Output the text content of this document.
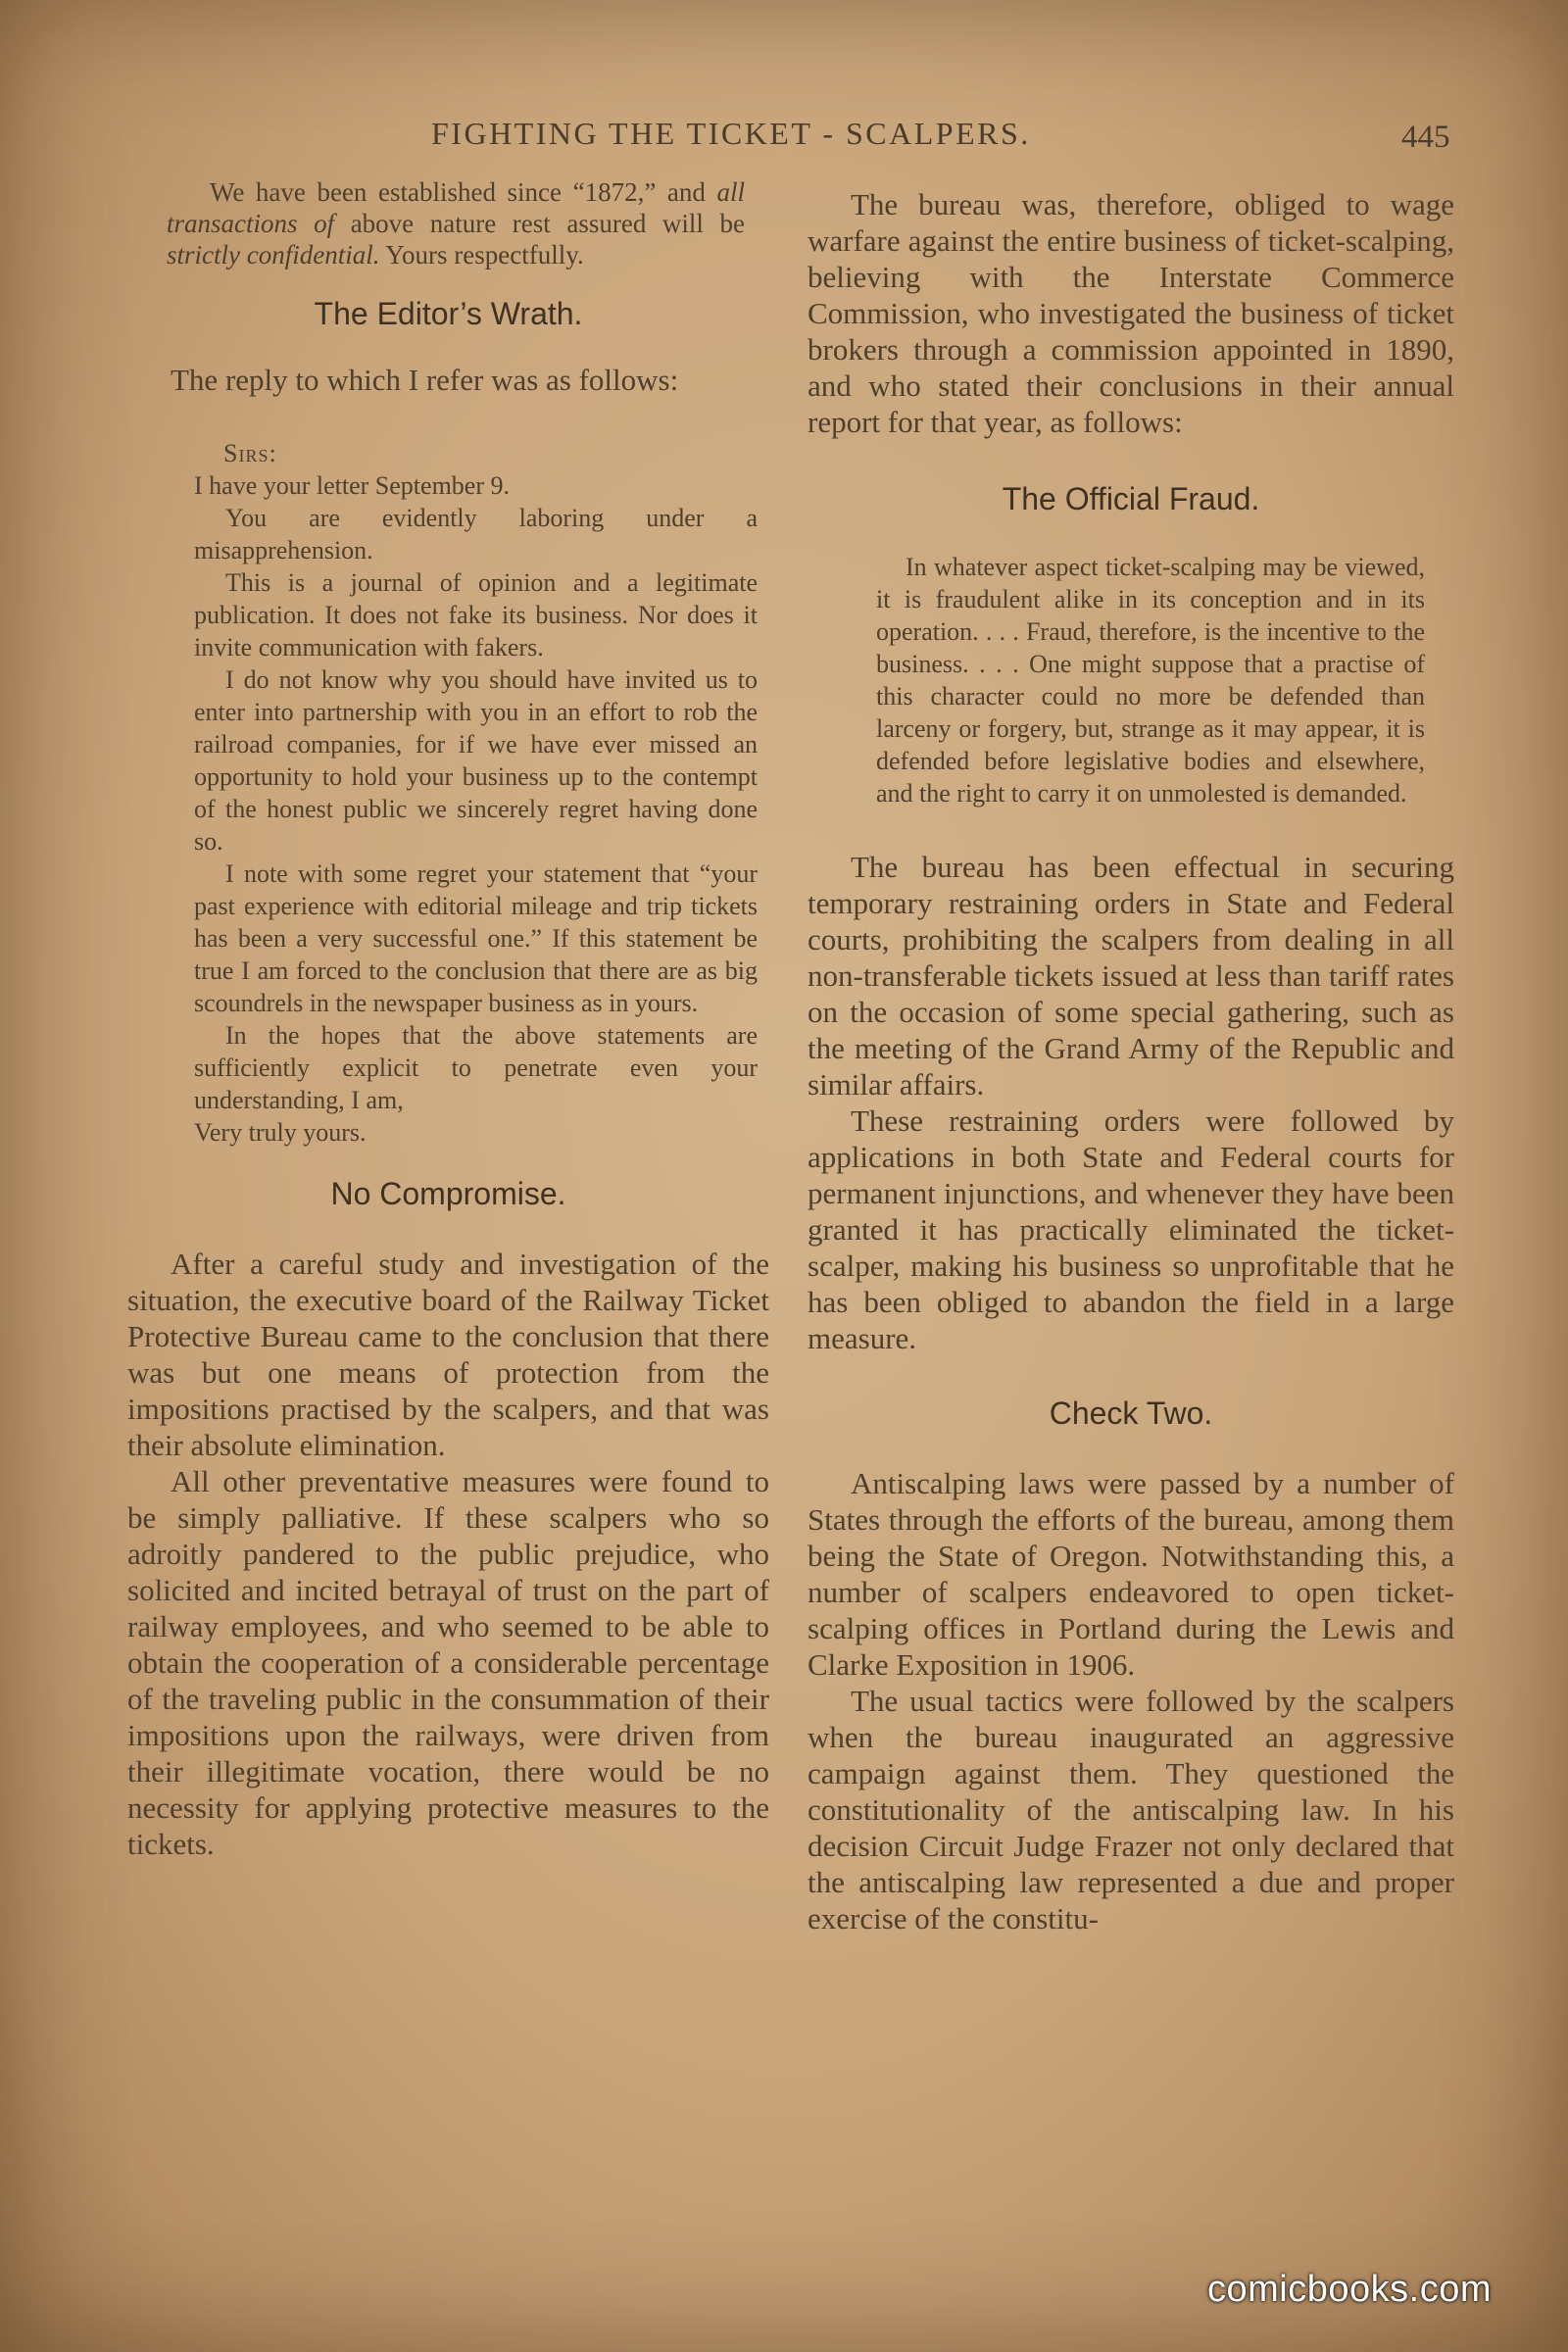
FIGHTING THE TICKET - SCALPERS.	445

We have been established since “1872,” and all transactions of above nature rest assured will be strictly confidential. Yours respectfully.

The Editor’s Wrath.

The reply to which I refer was as follows:

Sirs:

I have your letter September 9.

You are evidently laboring under a misapprehension.

This is a journal of opinion and a legitimate publication. It does not fake its business. Nor does it invite communication with fakers.

I do not know why you should have invited us to enter into partnership with you in an effort to rob the railroad companies, for if we have ever missed an opportunity to hold your business up to the contempt of the honest public we sincerely regret having done so.

I note with some regret your statement that “your past experience with editorial mileage and trip tickets has been a very successful one.” If this statement be true I am forced to the conclusion that there are as big scoundrels in the newspaper business as in yours.

In the hopes that the above statements are sufficiently explicit to penetrate even your understanding, I am,

Very truly yours.

No Compromise.

After a careful study and investigation of the situation, the executive board of the Railway Ticket Protective Bureau came to the conclusion that there was but one means of protection from the impositions practised by the scalpers, and that was their absolute elimination.

All other preventative measures were found to be simply palliative. If these scalpers who so adroitly pandered to the public prejudice, who solicited and incited betrayal of trust on the part of railway employees, and who seemed to be able to obtain the cooperation of a considerable percentage of the traveling public in the consummation of their impositions upon the railways, were driven from their illegitimate vocation, there would be no necessity for applying protective measures to the tickets.

The bureau was, therefore, obliged to wage warfare against the entire business of ticket-scalping, believing with the Interstate Commerce Commission, who investigated the business of ticket brokers through a commission appointed in 1890, and who stated their conclusions in their annual report for that year, as follows:

The Official Fraud.

In whatever aspect ticket-scalping may be viewed, it is fraudulent alike in its conception and in its operation. . . . Fraud, therefore, is the incentive to the business. . . . One might suppose that a practise of this character could no more be defended than larceny or forgery, but, strange as it may appear, it is defended before legislative bodies and elsewhere, and the right to carry it on unmolested is demanded.

The bureau has been effectual in securing temporary restraining orders in State and Federal courts, prohibiting the scalpers from dealing in all non-transferable tickets issued at less than tariff rates on the occasion of some special gathering, such as the meeting of the Grand Army of the Republic and similar affairs.

These restraining orders were followed by applications in both State and Federal courts for permanent injunctions, and whenever they have been granted it has practically eliminated the ticket-scalper, making his business so unprofitable that he has been obliged to abandon the field in a large measure.

Check Two.

Antiscalping laws were passed by a number of States through the efforts of the bureau, among them being the State of Oregon. Notwithstanding this, a number of scalpers endeavored to open ticket-scalping offices in Portland during the Lewis and Clarke Exposition in 1906.

The usual tactics were followed by the scalpers when the bureau inaugurated an aggressive campaign against them. They questioned the constitutionality of the antiscalping law. In his decision Circuit Judge Frazer not only declared that the antiscalping law represented a due and proper exercise of the constitu-

comicbooks.com
